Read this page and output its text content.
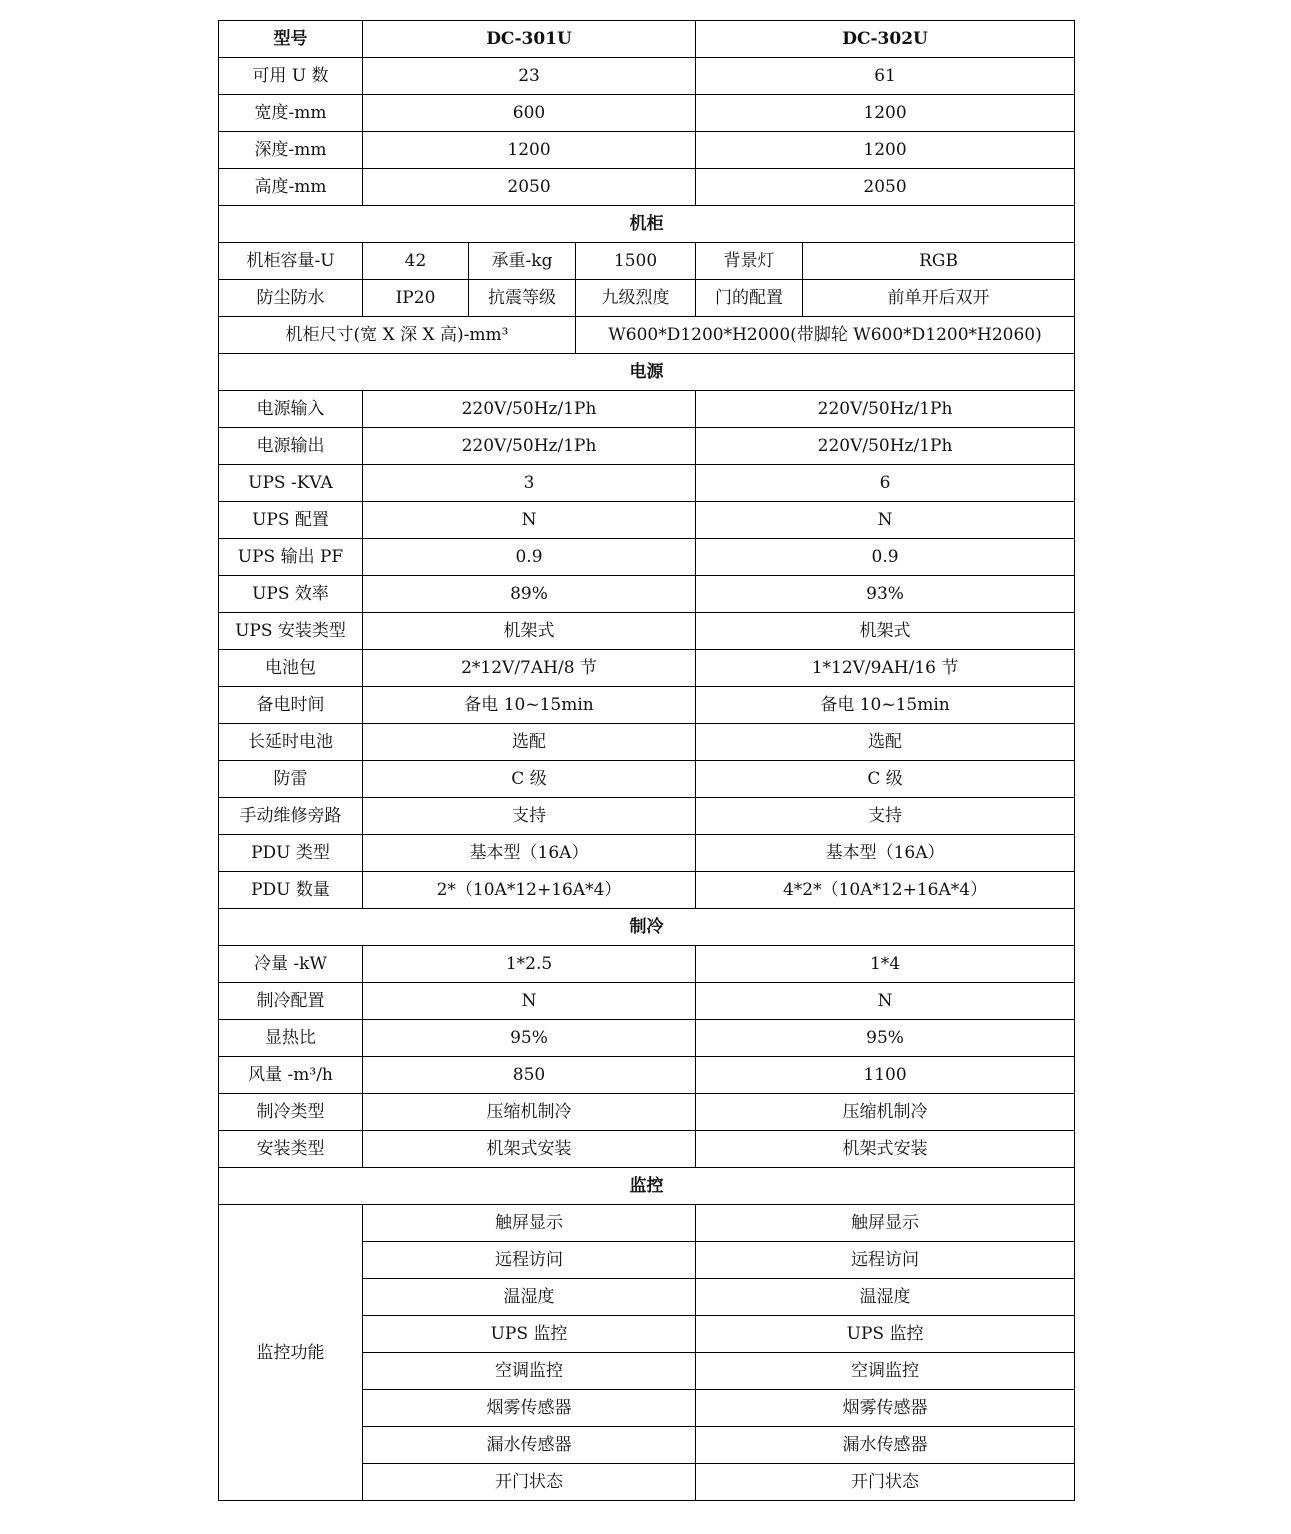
型号	DC-301U			DC-302U	
可用 U 数	23			61	
宽度-mm	600			1200	
深度-mm	1200			1200	
高度-mm	2050			2050	
机柜					
机柜容量-U	42	承重-kg	1500	背景灯	RGB
防尘防水	IP20	抗震等级	九级烈度	门的配置	前单开后双开
机柜尺寸(宽 X 深 X 高)-mm³			W600*D1200*H2000(带脚轮 W600*D1200*H2060)		
电源					
电源输入	220V/50Hz/1Ph			220V/50Hz/1Ph	
电源输出	220V/50Hz/1Ph			220V/50Hz/1Ph	
UPS -KVA	3			6	
UPS 配置	N			N	
UPS 输出 PF	0.9			0.9	
UPS 效率	89%			93%	
UPS 安装类型	机架式			机架式	
电池包	2*12V/7AH/8 节			1*12V/9AH/16 节	
备电时间	备电 10~15min			备电 10~15min	
长延时电池	选配			选配	
防雷	C 级			C 级	
手动维修旁路	支持			支持	
PDU 类型	基本型（16A）			基本型（16A）	
PDU 数量	2*（10A*12+16A*4）			4*2*（10A*12+16A*4）	
制冷					
冷量 -kW	1*2.5			1*4	
制冷配置	N			N	
显热比	95%			95%	
风量 -m³/h	850			1100	
制冷类型	压缩机制冷			压缩机制冷	
安装类型	机架式安装			机架式安装	
监控					
监控功能	触屏显示			触屏显示	
	远程访问			远程访问	
	温湿度			温湿度	
	UPS 监控			UPS 监控	
	空调监控			空调监控	
	烟雾传感器			烟雾传感器	
	漏水传感器			漏水传感器	
	开门状态			开门状态	
